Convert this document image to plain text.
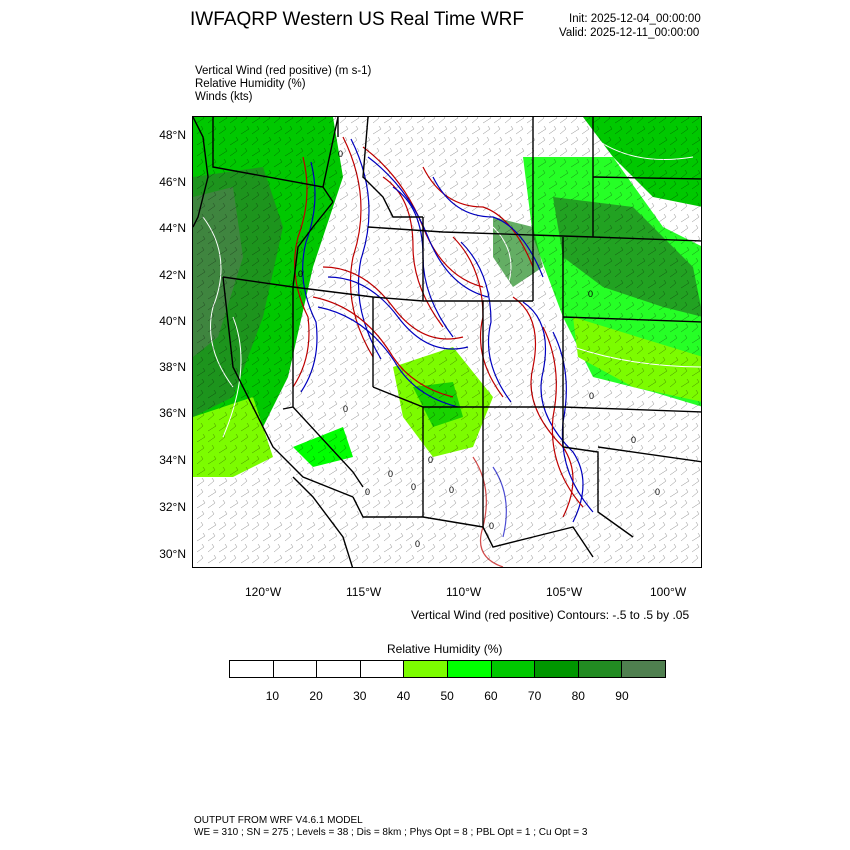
IWFAQRP Western US Real Time WRF	Init: 2025-12-04_00:00:00
Valid: 2025-12-11_00:00:00
Vertical Wind (red positive) (m s-1)
Relative Humidity (%)
Winds (kts)
0
0
0	0	0
0
0
0
0
0
0
0
0
0
48°N
46°N
44°N
42°N
40°N
38°N
36°N
34°N
32°N
30°N
120°W	115°W	110°W	105°W	100°W
Vertical Wind (red positive) Contours: -.5 to .5 by .05
Relative Humidity (%)
10	20	30	40	50	60	70	80	90
OUTPUT FROM WRF V4.6.1 MODEL
WE = 310 ; SN = 275 ; Levels = 38 ; Dis = 8km ; Phys Opt = 8 ; PBL Opt = 1 ; Cu Opt = 3
